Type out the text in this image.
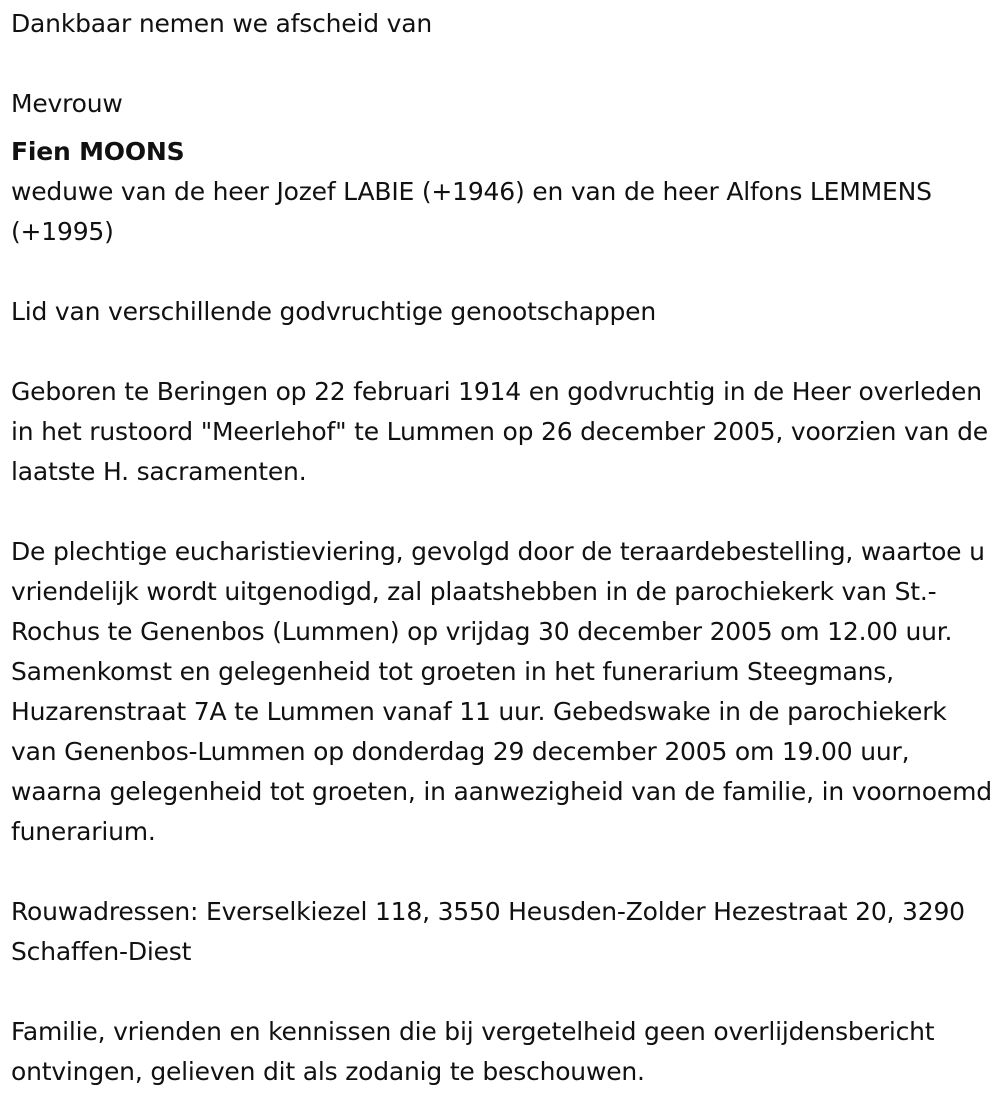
Dankbaar nemen we afscheid van

Mevrouw

Fien MOONS

weduwe van de heer Jozef LABIE (+1946) en van de heer Alfons LEMMENS (+1995)

Lid van verschillende godvruchtige genootschappen

Geboren te Beringen op 22 februari 1914 en godvruchtig in de Heer overleden in het rustoord "Meerlehof" te Lummen op 26 december 2005, voorzien van de laatste H. sacramenten.

De plechtige eucharistieviering, gevolgd door de teraardebestelling, waartoe u vriendelijk wordt uitgenodigd, zal plaatshebben in de parochiekerk van St.-Rochus te Genenbos (Lummen) op vrijdag 30 december 2005 om 12.00 uur. Samenkomst en gelegenheid tot groeten in het funerarium Steegmans, Huzarenstraat 7A te Lummen vanaf 11 uur. Gebedswake in de parochiekerk van Genenbos-Lummen op donderdag 29 december 2005 om 19.00 uur, waarna gelegenheid tot groeten, in aanwezigheid van de familie, in voornoemd funerarium.

Rouwadressen: Everselkiezel 118, 3550 Heusden-Zolder Hezestraat 20, 3290 Schaffen-Diest

Familie, vrienden en kennissen die bij vergetelheid geen overlijdensbericht ontvingen, gelieven dit als zodanig te beschouwen.
